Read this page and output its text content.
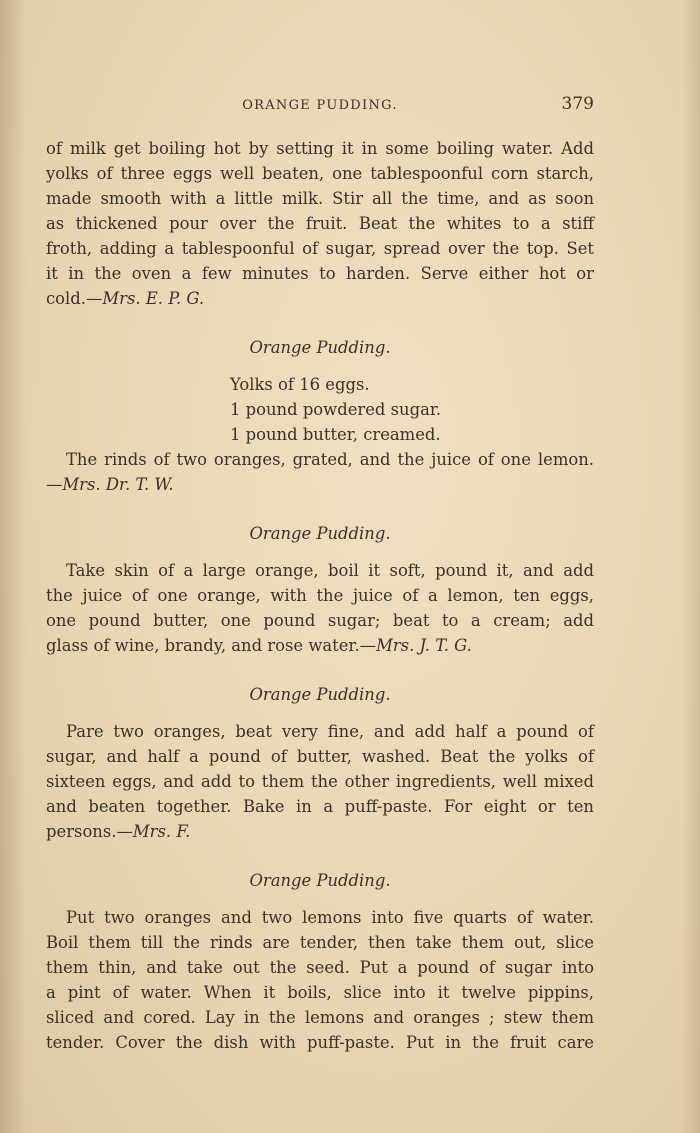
ORANGE PUDDING.	379
of milk get boiling hot by setting it in some boiling water. Add
yolks of three eggs well beaten, one tablespoonful corn starch,
made smooth with a little milk. Stir all the time, and as soon
as thickened pour over the fruit. Beat the whites to a stiff
froth, adding a tablespoonful of sugar, spread over the top. Set
it in the oven a few minutes to harden. Serve either hot or
cold.—Mrs. E. P. G.
Orange Pudding.
Yolks of 16 eggs.
1 pound powdered sugar.
1 pound butter, creamed.
The rinds of two oranges, grated, and the juice of one lemon.
—Mrs. Dr. T. W.
Orange Pudding.
Take skin of a large orange, boil it soft, pound it, and add
the juice of one orange, with the juice of a lemon, ten eggs,
one pound butter, one pound sugar; beat to a cream; add
glass of wine, brandy, and rose water.—Mrs. J. T. G.
Orange Pudding.
Pare two oranges, beat very fine, and add half a pound of
sugar, and half a pound of butter, washed. Beat the yolks of
sixteen eggs, and add to them the other ingredients, well mixed
and beaten together. Bake in a puff-paste. For eight or ten
persons.—Mrs. F.
Orange Pudding.
Put two oranges and two lemons into five quarts of water.
Boil them till the rinds are tender, then take them out, slice
them thin, and take out the seed. Put a pound of sugar into
a pint of water. When it boils, slice into it twelve pippins,
sliced and cored. Lay in the lemons and oranges ; stew them
tender. Cover the dish with puff-paste. Put in the fruit care
